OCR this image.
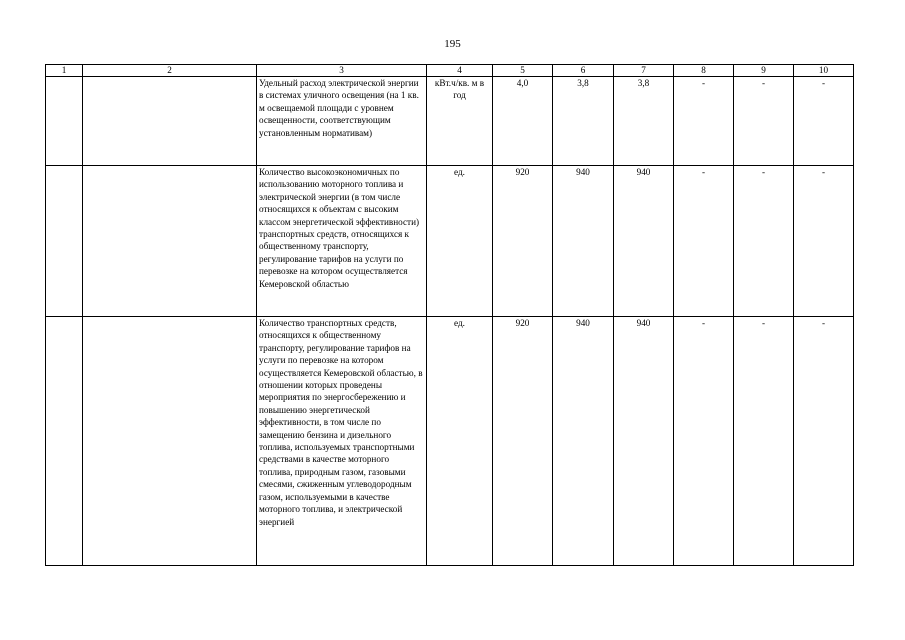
195
1	2	3	4	5	6	7	8	9	10
		Удельный расход электрической энергии в системах уличного освещения (на 1 кв. м освещаемой площади с уровнем освещенности, соответствующим установленным нормативам)	кВт.ч/кв. м в год	4,0	3,8	3,8	-	-	-
		Количество высокоэкономичных по использованию моторного топлива и электрической энергии (в том числе относящихся к объектам с высоким классом энергетической эффективности) транспортных средств, относящихся к общественному транспорту, регулирование тарифов на услуги по перевозке на котором осуществляется Кемеровской областью	ед.	920	940	940	-	-	-
		Количество транспортных средств, относящихся к общественному транспорту, регулирование тарифов на услуги по перевозке на котором осуществляется Кемеровской областью, в отношении которых проведены мероприятия по энергосбережению и повышению энергетической эффективности, в том числе по замещению бензина и дизельного топлива, используемых транспортными средствами в качестве моторного топлива, природным газом, газовыми смесями, сжиженным углеводородным газом, используемыми в качестве моторного топлива, и электрической энергией	ед.	920	940	940	-	-	-
